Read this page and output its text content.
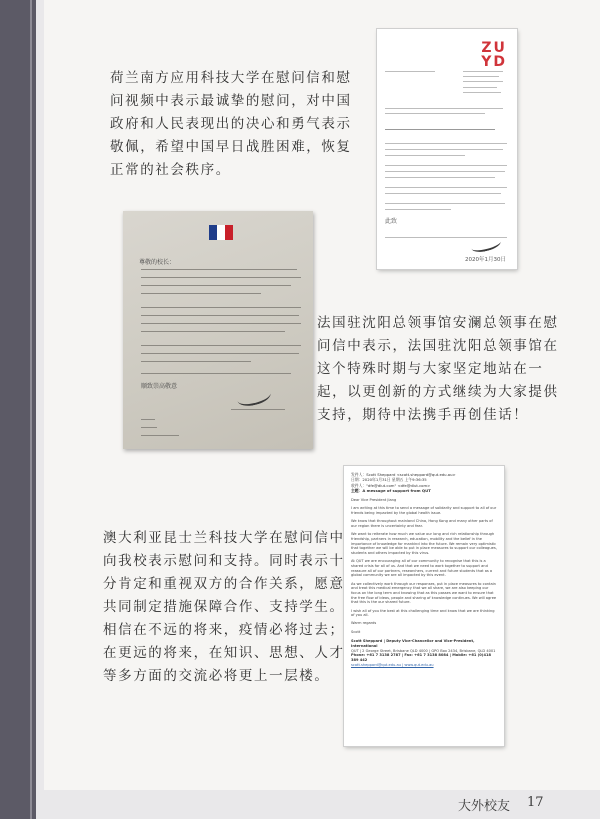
ZU
YD
此致
2020年1月30日

荷兰南方应用科技大学在慰问信和慰问视频中表示最诚挚的慰问，对中国政府和人民表现出的决心和勇气表示敬佩，希望中国早日战胜困难，恢复正常的社会秩序。

尊敬的校长：
顺致崇高敬意

法国驻沈阳总领事馆安澜总领事在慰问信中表示，法国驻沈阳总领事馆在这个特殊时期与大家坚定地站在一起，以更创新的方式继续为大家提供支持，期待中法携手再创佳话！

发件人：Scott Sheppard <scott.sheppard@qut.edu.au>
日期：2020年1月31日 星期五 上午9:36:35
收件人："dfe@dlut.com" <dfe@dlut.com>
主题：A message of support from QUT

Dear Vice President Jiang

I am writing at this time to send a message of solidarity and support to all of our friends being impacted by the global health issue.

We know that throughout mainland China, Hong Kong and many other parts of our region there is uncertainty and fear.

We want to reiterate how much we value our long and rich relationship through friendship, partners in research, education, mobility and the belief in the importance of knowledge for mankind into the future. We remain very optimistic that together we will be able to put in place measures to support our colleagues, students and others impacted by this virus.

At QUT we are encouraging all of our community to recognise that this is a shared crisis for all of us. And that we need to work together to support and reassure all of our partners, researchers, current and future students that as a global community we are all impacted by this event.

As we collectively work through our responses, put in place measures to contain and treat this medical emergency that we all share, we are also keeping our focus on the long term and knowing that as this passes we want to ensure that the free flow of ideas, people and sharing of knowledge continues. We will agree that this is the our shared future.

I wish all of you the best at this challenging time and know that we are thinking of you all.

Warm regards

Scott

Scott Sheppard | Deputy Vice-Chancellor and Vice-President, International

QUT | 2 George Street, Brisbane QLD 4000 | GPO Box 2434, Brisbane, QLD 4001

Phone: +61 7 3138 2787 | Fax: +61 7 3138 8084 | Mobile: +61 (0)418 389 442

scott.sheppard@qut.edu.au | www.qut.edu.au

澳大利亚昆士兰科技大学在慰问信中向我校表示慰问和支持。同时表示十分肯定和重视双方的合作关系，愿意共同制定措施保障合作、支持学生。相信在不远的将来，疫情必将过去；在更远的将来，在知识、思想、人才等多方面的交流必将更上一层楼。

大外校友 17
